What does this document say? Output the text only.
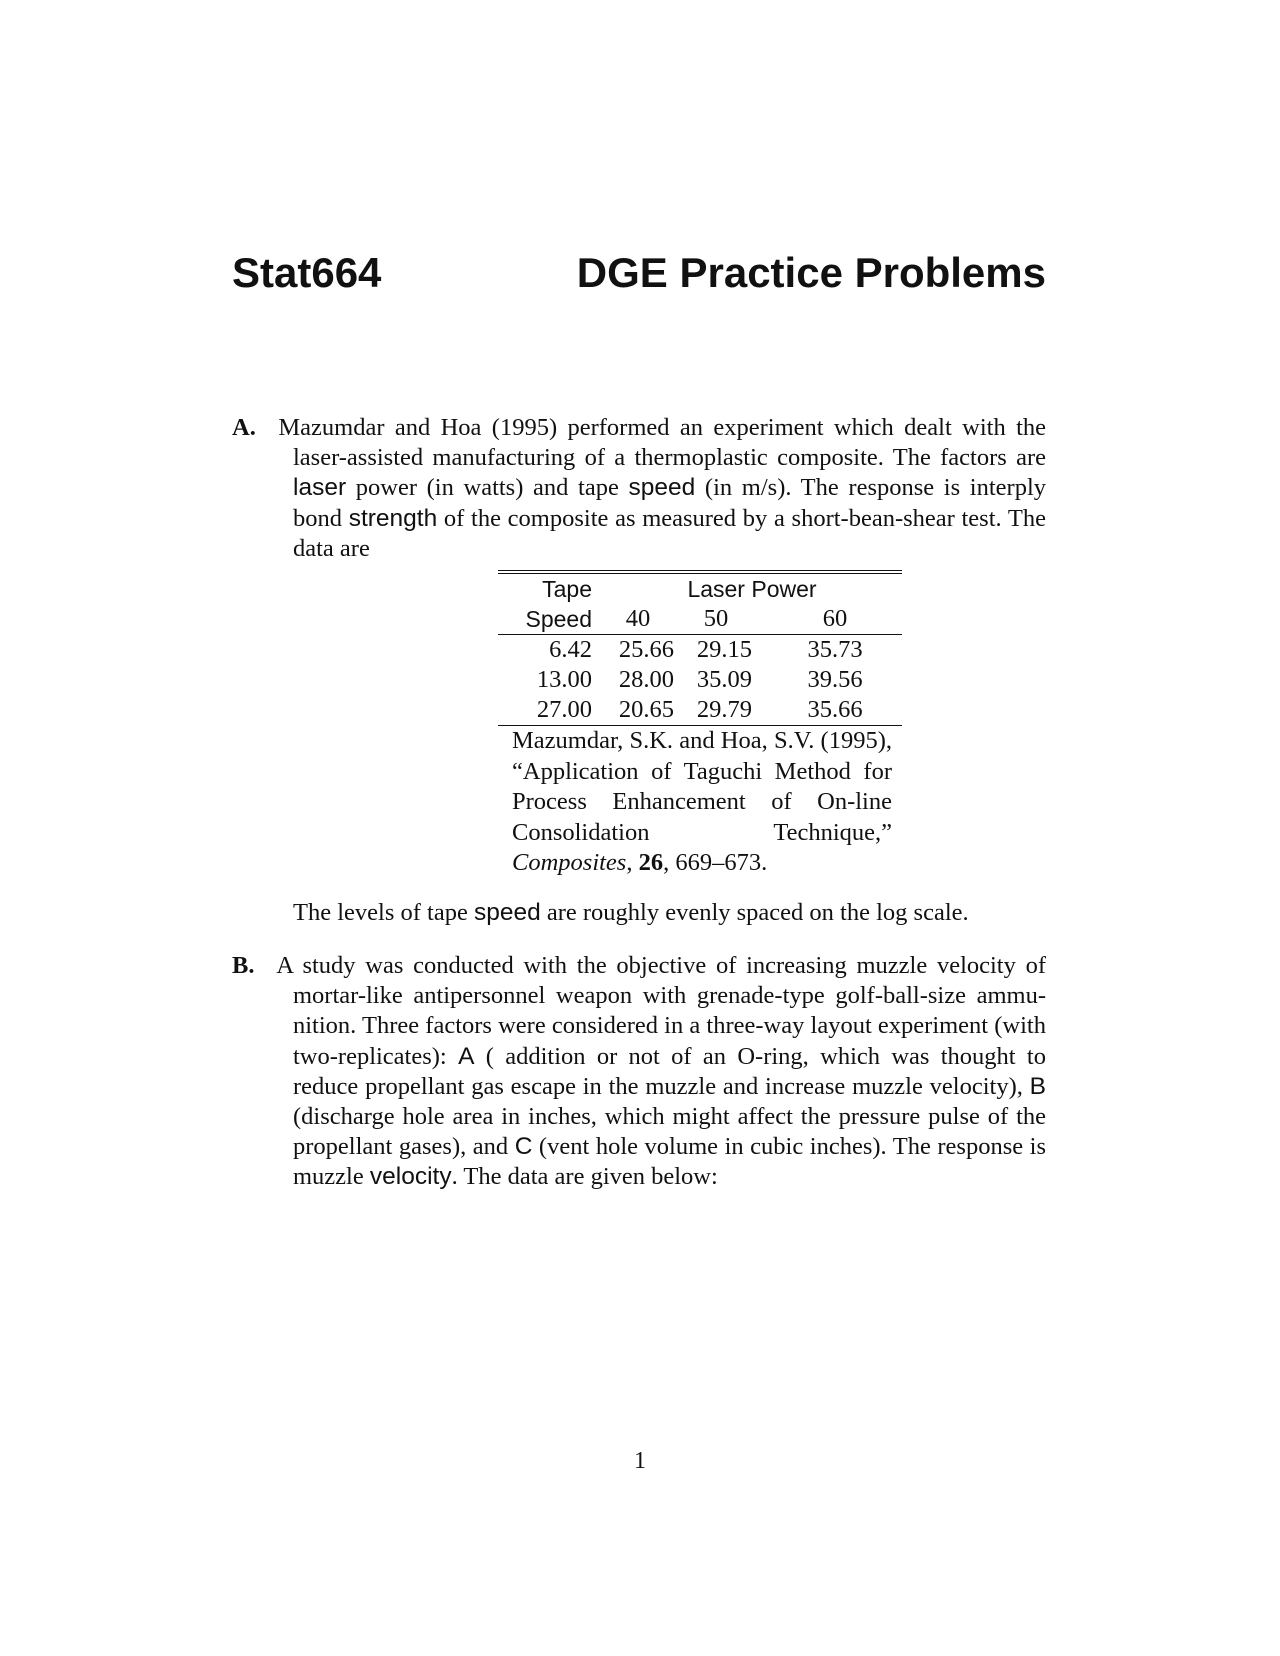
Stat664	DGE Practice Problems

A. Mazumdar and Hoa (1995) performed an experiment which dealt with the laser-assisted manufacturing of a thermoplastic composite. The factors are laser power (in watts) and tape speed (in m/s). The response is interply bond strength of the composite as measured by a short-bean-shear test. The data are

Tape	Laser Power		
Speed	40	50	60
6.42	25.66	29.15	35.73
13.00	28.00	35.09	39.56
27.00	20.65	29.79	35.66
Mazumdar, S.K. and Hoa, S.V. (1995), “Application of Taguchi Method for Process Enhancement of On-line Consolidation Technique,” Composites, 26, 669–673.
The levels of tape speed are roughly evenly spaced on the log scale.

B. A study was conducted with the objective of increasing muzzle velocity of mortar-like antipersonnel weapon with grenade-type golf-ball-size ammunition. Three factors were considered in a three-way layout experiment (with two-replicates): A ( addition or not of an O-ring, which was thought to reduce propellant gas escape in the muzzle and increase muzzle velocity), B (discharge hole area in inches, which might affect the pressure pulse of the propellant gases), and C (vent hole volume in cubic inches). The response is muzzle velocity. The data are given below:

1
